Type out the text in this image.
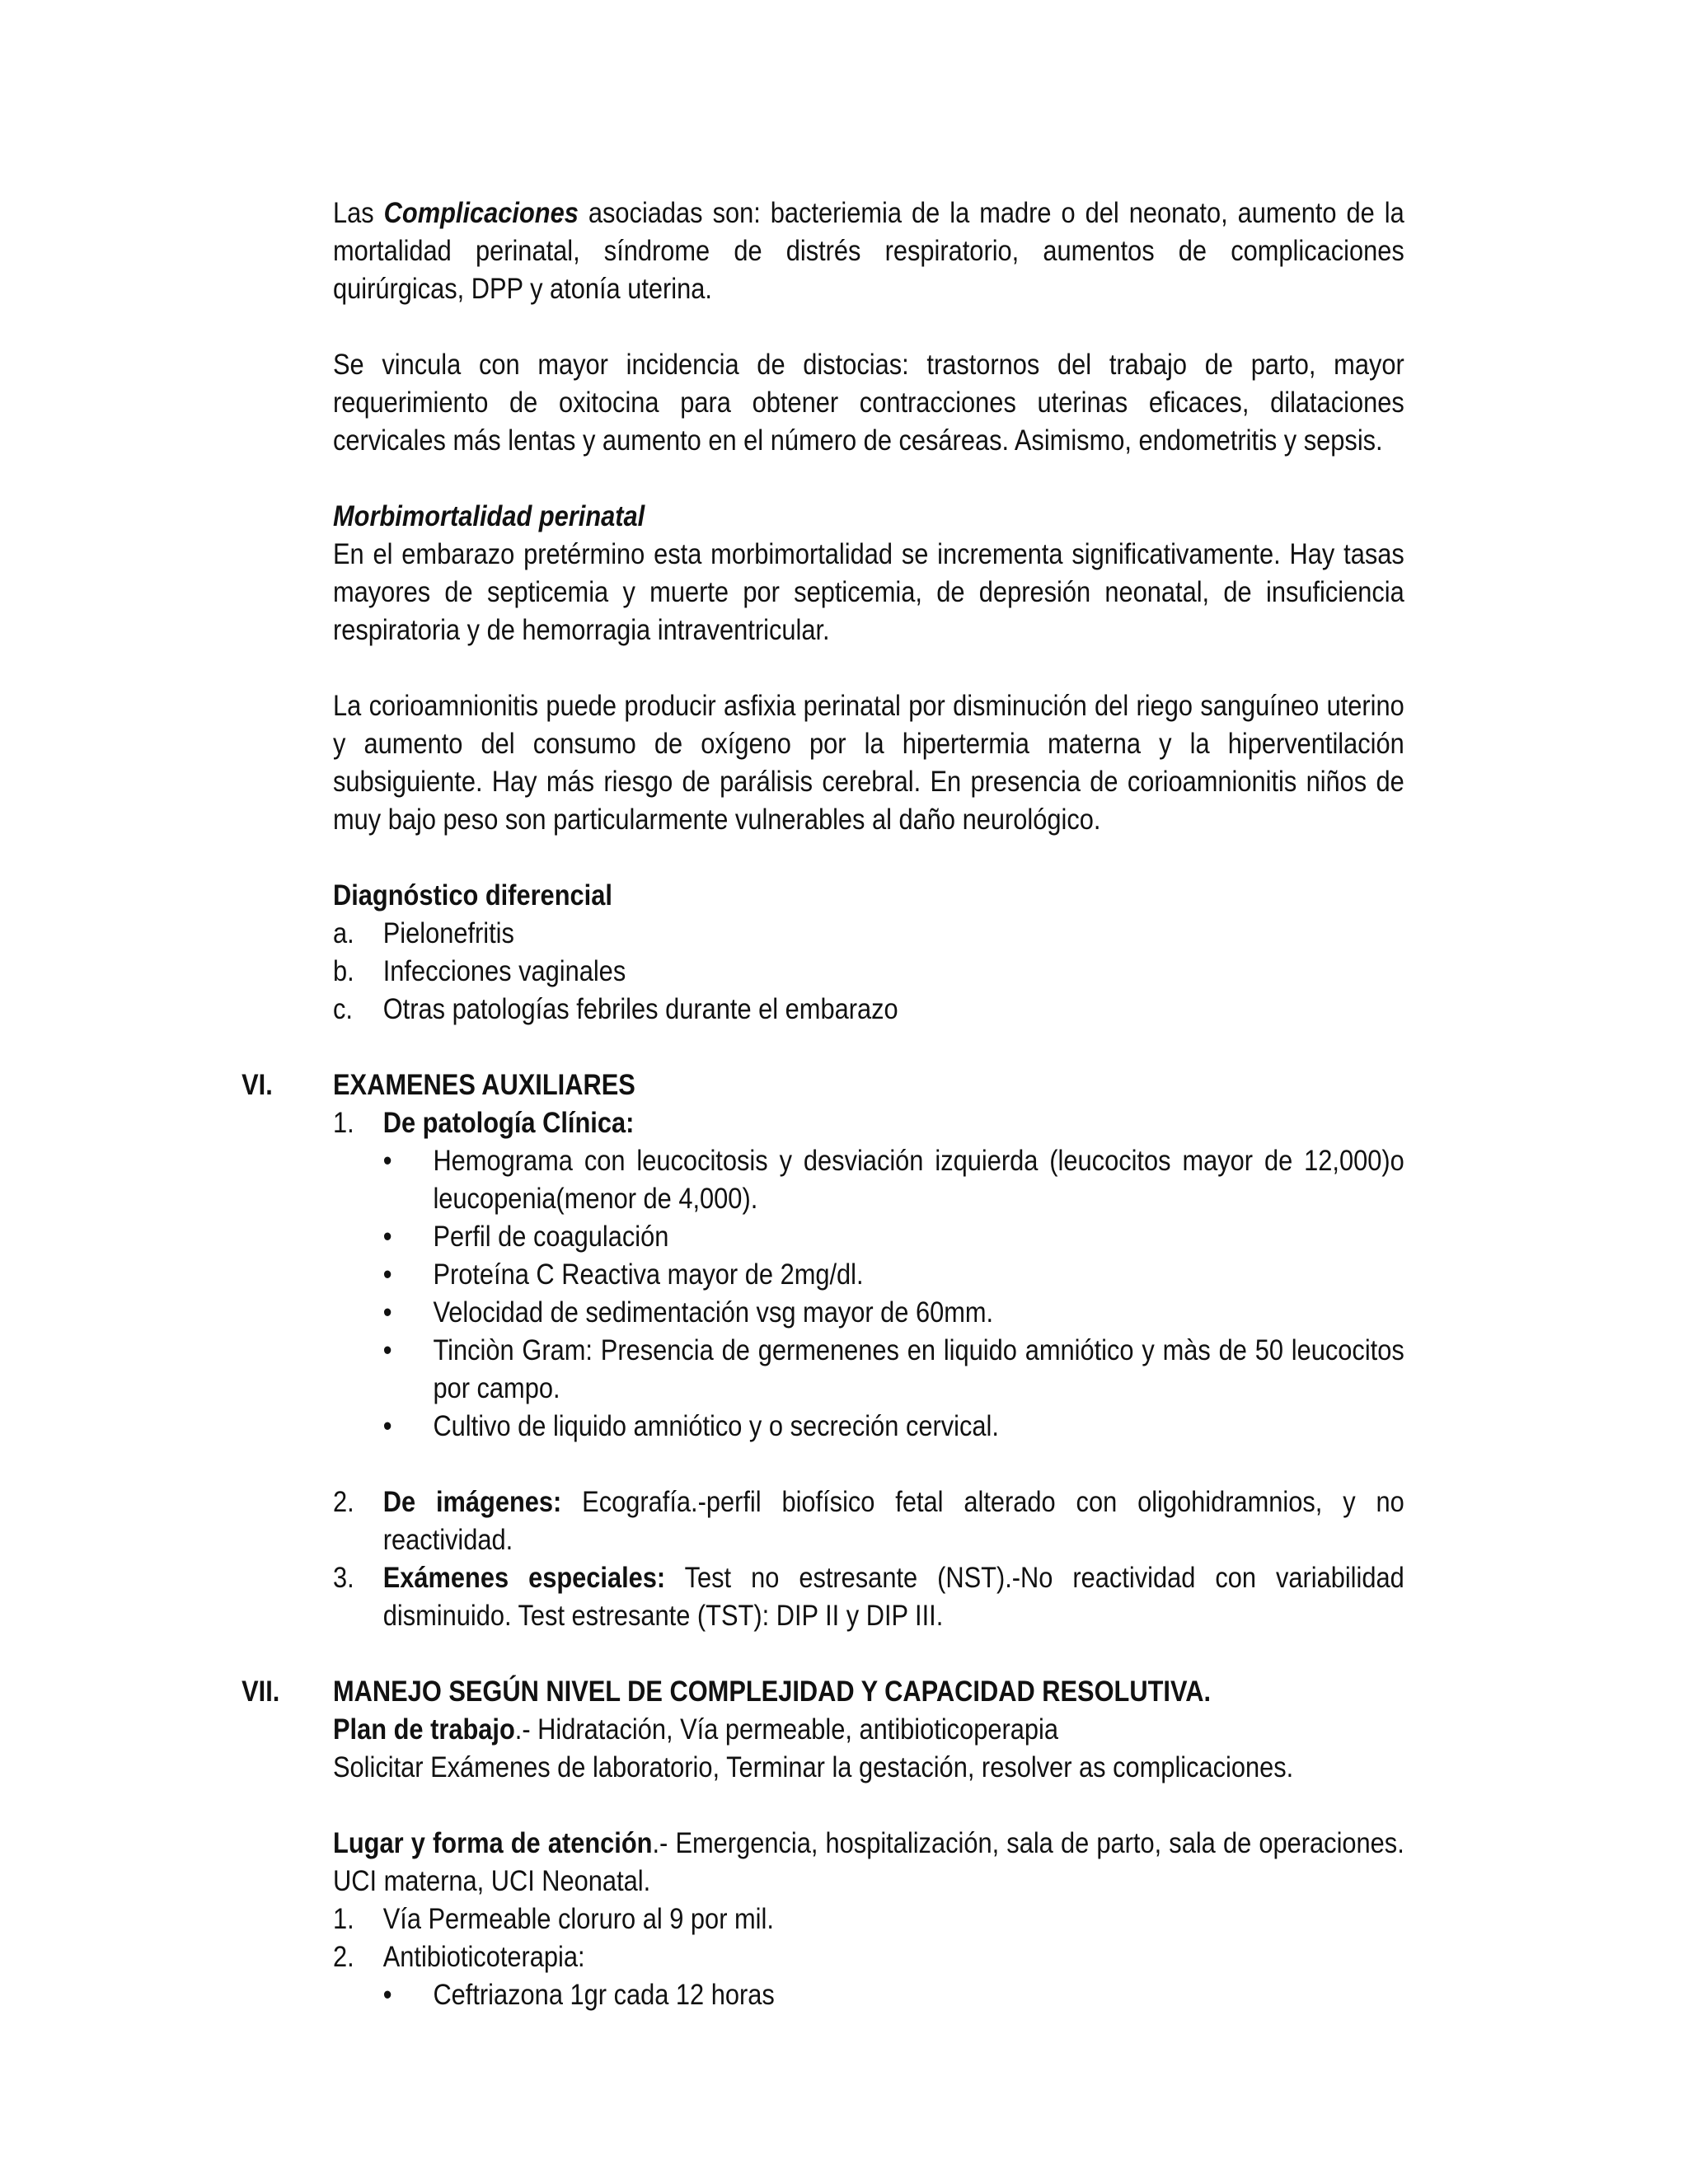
Las Complicaciones asociadas son: bacteriemia de la madre o del neonato, aumento de la mortalidad perinatal, síndrome de distrés respiratorio, aumentos de complicaciones quirúrgicas, DPP y atonía uterina.

Se vincula con mayor incidencia de distocias: trastornos del trabajo de parto, mayor requerimiento de oxitocina para obtener contracciones uterinas eficaces, dilataciones cervicales más lentas y aumento en el número de cesáreas. Asimismo, endometritis y sepsis.

Morbimortalidad perinatal

En el embarazo pretérmino esta morbimortalidad se incrementa significativamente. Hay tasas mayores de septicemia y muerte por septicemia, de depresión neonatal, de insuficiencia respiratoria y de hemorragia intraventricular.

La corioamnionitis puede producir asfixia perinatal por disminución del riego sanguíneo uterino y aumento del consumo de oxígeno por la hipertermia materna y la hiperventilación subsiguiente. Hay más riesgo de parálisis cerebral. En presencia de corioamnionitis niños de muy bajo peso son particularmente vulnerables al daño neurológico.

Diagnóstico diferencial

a.	Pielonefritis
b.	Infecciones vaginales
c.	Otras patologías febriles durante el embarazo
VI. EXAMENES AUXILIARES

1.	De patología Clínica:
•	Hemograma con leucocitosis y desviación izquierda (leucocitos mayor de 12,000)o leucopenia(menor de 4,000).
•	Perfil de coagulación
•	Proteína C Reactiva mayor de 2mg/dl.
•	Velocidad de sedimentación vsg mayor de 60mm.
•	Tinciòn Gram: Presencia de germenenes en liquido amniótico y màs de 50 leucocitos por campo.
•	Cultivo de liquido amniótico y o secreción cervical.
2.	De imágenes: Ecografía.-perfil biofísico fetal alterado con oligohidramnios, y no reactividad.
3.	Exámenes especiales: Test no estresante (NST).-No reactividad con variabilidad disminuido. Test estresante (TST): DIP II y DIP III.
VII. MANEJO SEGÚN NIVEL DE COMPLEJIDAD Y CAPACIDAD RESOLUTIVA.

Plan de trabajo.- Hidratación, Vía permeable, antibioticoperapia

Solicitar Exámenes de laboratorio, Terminar la gestación, resolver as complicaciones.

Lugar y forma de atención.- Emergencia, hospitalización, sala de parto, sala de operaciones. UCI materna, UCI Neonatal.

1.	Vía Permeable cloruro al 9 por mil.
2.	Antibioticoterapia:
•	Ceftriazona 1gr cada 12 horas
